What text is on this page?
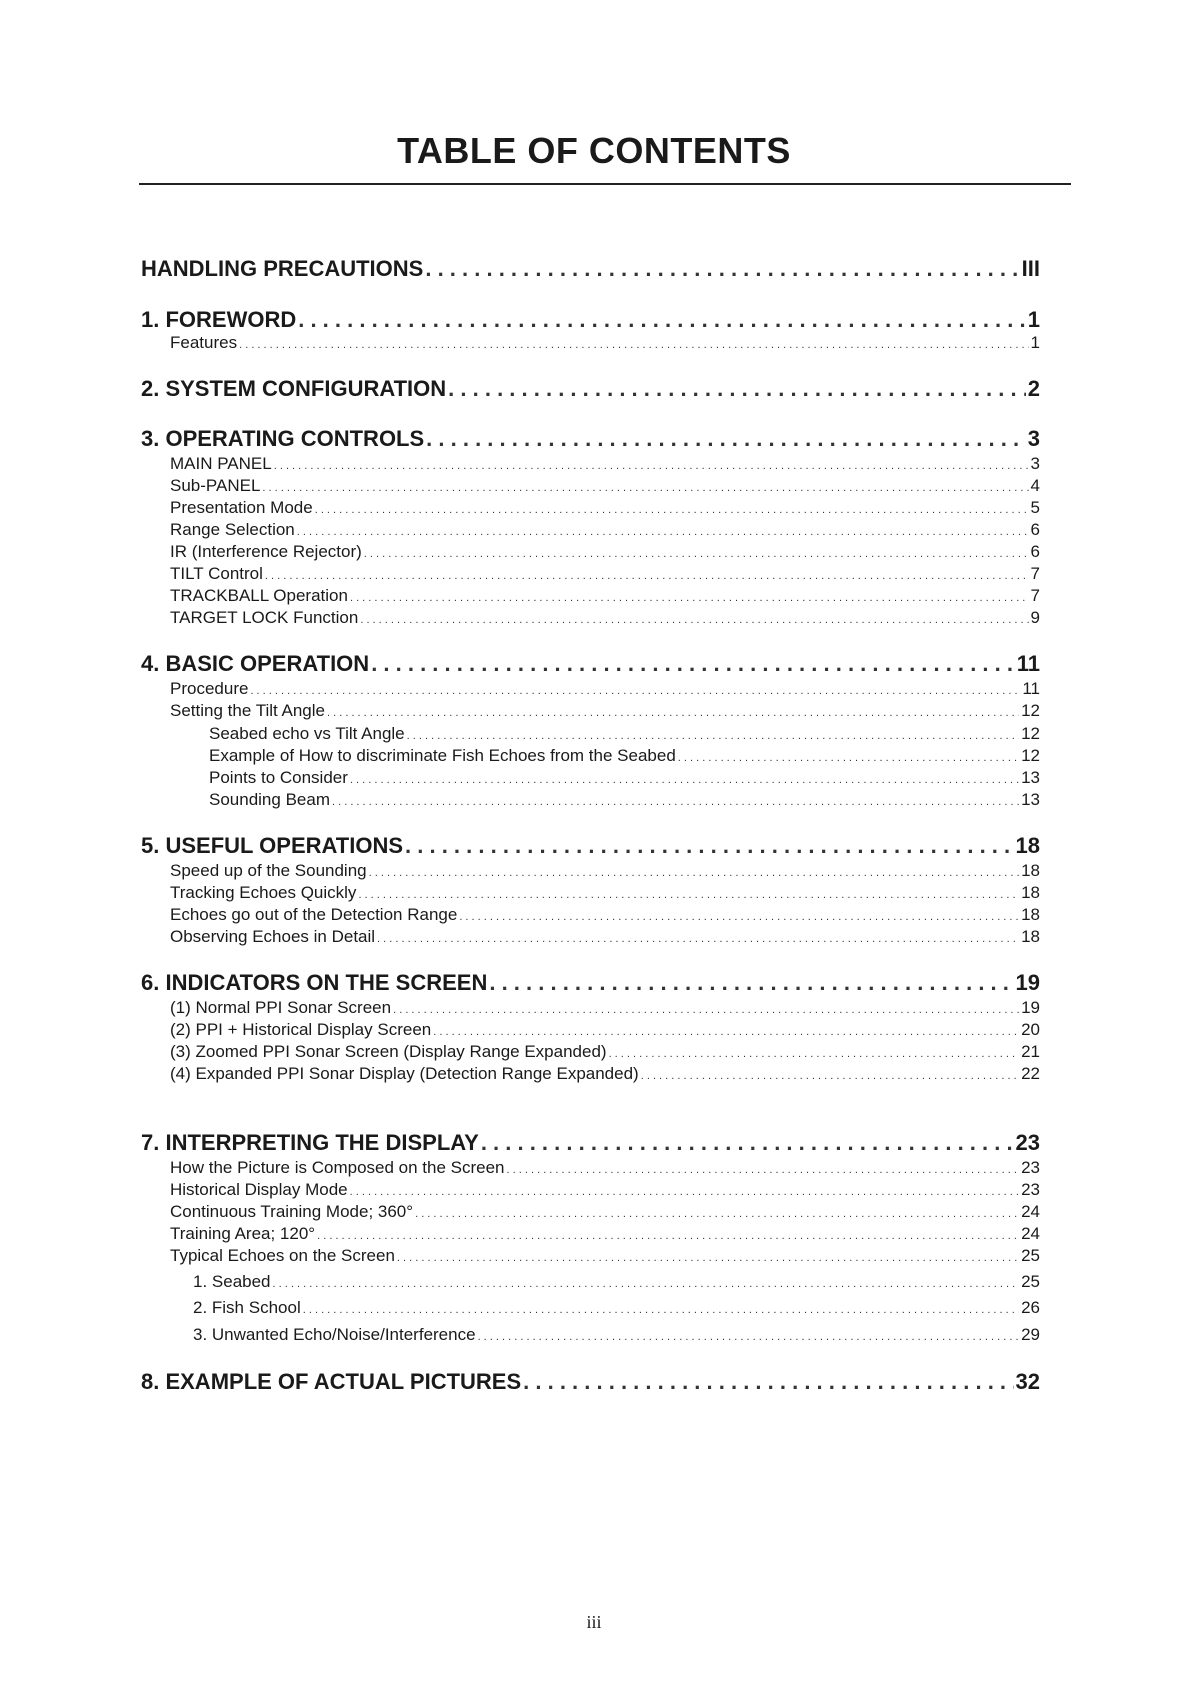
TABLE OF CONTENTS
HANDLING PRECAUTIONS . . .	III
1. FOREWORD . . .	1
Features . . .	1
2. SYSTEM CONFIGURATION . . .	2
3. OPERATING CONTROLS . . .	3
MAIN PANEL . . .	3
Sub-PANEL . . .	4
Presentation Mode . . .	5
Range Selection . . .	6
IR (Interference Rejector) . . .	6
TILT Control . . .	7
TRACKBALL Operation . . .	7
TARGET LOCK Function . . .	9
4. BASIC OPERATION . . .	11
Procedure . . .	11
Setting the Tilt Angle . . .	12
Seabed echo vs Tilt Angle . . .	12
Example of How to discriminate Fish Echoes from the Seabed . . .	12
Points to Consider . . .	13
Sounding Beam . . .	13
5. USEFUL OPERATIONS . . .	18
Speed up of the Sounding . . .	18
Tracking Echoes Quickly . . .	18
Echoes go out of the Detection Range . . .	18
Observing Echoes in Detail . . .	18
6. INDICATORS ON THE SCREEN . . .	19
(1) Normal PPI Sonar Screen . . .	19
(2) PPI + Historical Display Screen . . .	20
(3) Zoomed PPI Sonar Screen (Display Range Expanded) . . .	21
(4) Expanded PPI Sonar Display (Detection Range Expanded) . . .	22
7. INTERPRETING THE DISPLAY . . .	23
How the Picture is Composed on the Screen . . .	23
Historical Display Mode . . .	23
Continuous Training Mode; 360° . . .	24
Training Area; 120° . . .	24
Typical Echoes on the Screen . . .	25
1. Seabed . . .	25
2. Fish School . . .	26
3. Unwanted Echo/Noise/Interference . . .	29
8. EXAMPLE OF ACTUAL PICTURES . . .	32
iii
